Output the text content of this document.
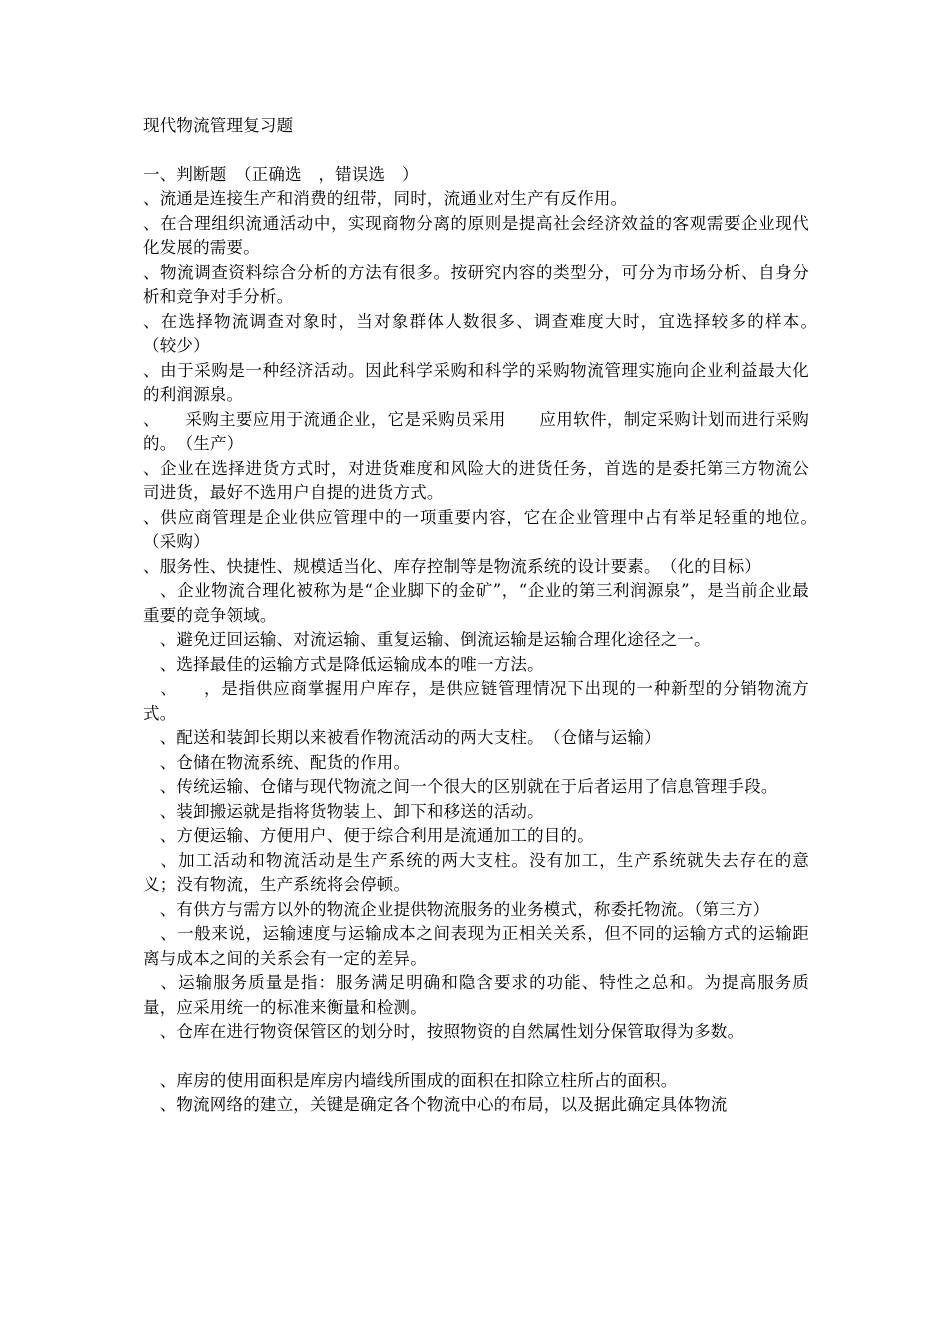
现代物流管理复习题
一、判断题　（正确选　，错误选　）

、流通是连接生产和消费的纽带，同时，流通业对生产有反作用。

、在合理组织流通活动中，实现商物分离的原则是提高社会经济效益的客观需要企业现代化发展的需要。

、物流调查资料综合分析的方法有很多。按研究内容的类型分，可分为市场分析、自身分析和竞争对手分析。

、在选择物流调查对象时，当对象群体人数很多、调查难度大时，宜选择较多的样本。　（较少）

、由于采购是一种经济活动。因此科学采购和科学的采购物流管理实施向企业利益最大化的利润源泉。

、　　采购主要应用于流通企业，它是采购员采用　　应用软件，制定采购计划而进行采购的。　（生产）

、企业在选择进货方式时，对进货难度和风险大的进货任务，首选的是委托第三方物流公司进货，最好不选用户自提的进货方式。

、供应商管理是企业供应管理中的一项重要内容，它在企业管理中占有举足轻重的地位。　（采购）

、服务性、快捷性、规模适当化、库存控制等是物流系统的设计要素。　（化的目标）

　、企业物流合理化被称为是“企业脚下的金矿”，“企业的第三利润源泉”，是当前企业最重要的竞争领域。

　、避免迂回运输、对流运输、重复运输、倒流运输是运输合理化途径之一。

　、选择最佳的运输方式是降低运输成本的唯一方法。

　、　　，是指供应商掌握用户库存，是供应链管理情况下出现的一种新型的分销物流方式。

　、配送和装卸长期以来被看作物流活动的两大支柱。　（仓储与运输）

　、仓储在物流系统、配货的作用。

　、传统运输、仓储与现代物流之间一个很大的区别就在于后者运用了信息管理手段。

　、装卸搬运就是指将货物装上、卸下和移送的活动。

　、方便运输、方便用户、便于综合利用是流通加工的目的。

　、加工活动和物流活动是生产系统的两大支柱。没有加工，生产系统就失去存在的意义；没有物流，生产系统将会停顿。

　、有供方与需方以外的物流企业提供物流服务的业务模式，称委托物流。（第三方）

　、一般来说，运输速度与运输成本之间表现为正相关关系，但不同的运输方式的运输距离与成本之间的关系会有一定的差异。

　、运输服务质量是指：服务满足明确和隐含要求的功能、特性之总和。为提高服务质量，应采用统一的标准来衡量和检测。

　、仓库在进行物资保管区的划分时，按照物资的自然属性划分保管取得为多数。

　、库房的使用面积是库房内墙线所围成的面积在扣除立柱所占的面积。

　、物流网络的建立，关键是确定各个物流中心的布局，以及据此确定具体物流
